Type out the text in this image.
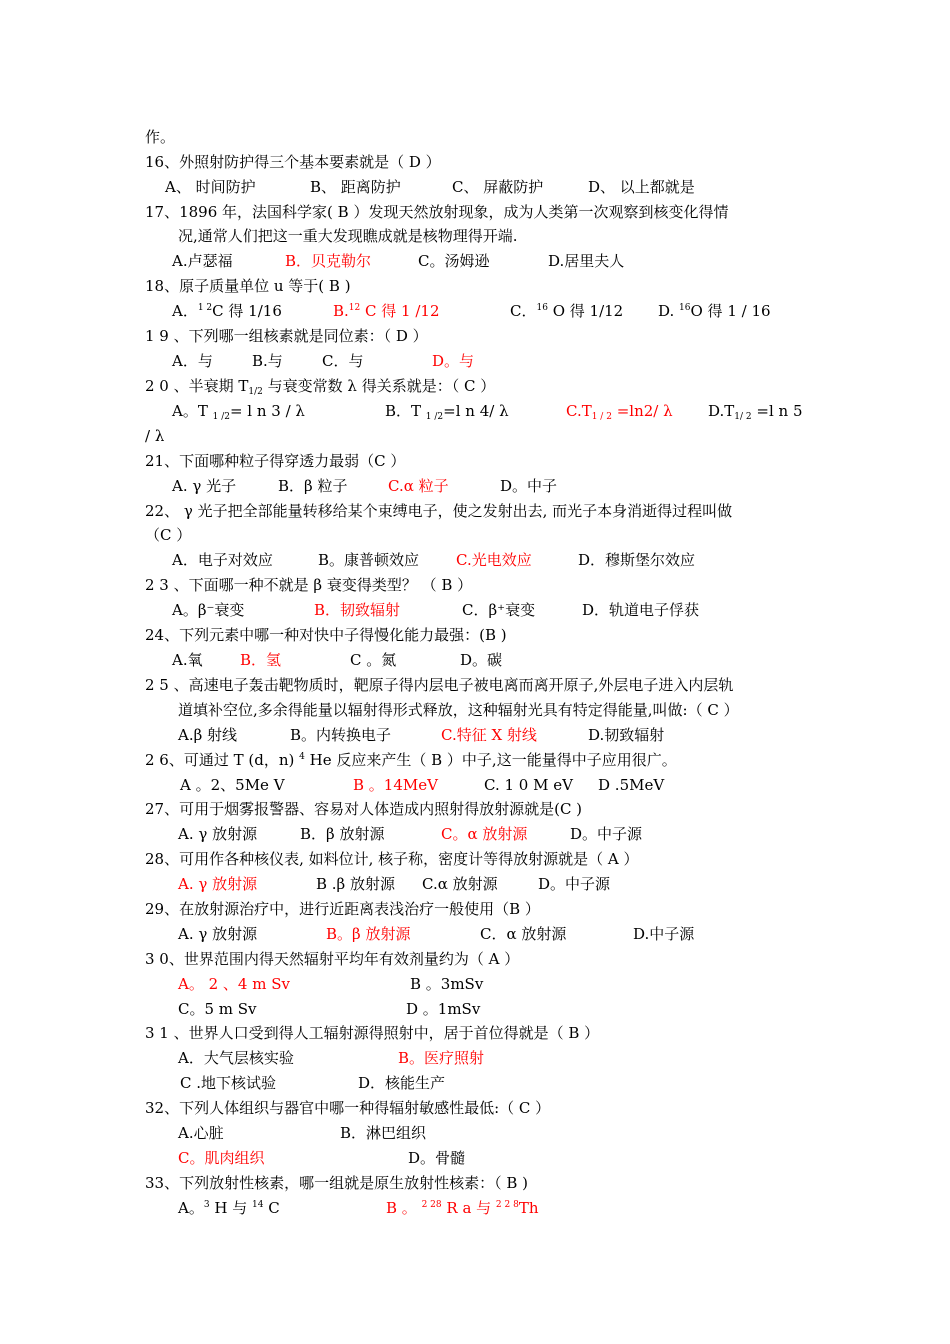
作。
16、外照射防护得三个基本要素就是（ D ）
A、 时间防护	B、 距离防护	C、 屏蔽防护	D、 以上都就是
17、1896 年，法国科学家( B ）发现天然放射现象，成为人类第一次观察到核变化得情
况,通常人们把这一重大发现瞧成就是核物理得开端.
A.卢瑟福	B．贝克勒尔	C。汤姆逊	D.居里夫人
18、原子质量单位 u 等于( B )
A．$^{1 2}$C 得 1/16	B.$^{12}$ C 得 1 /12	C．$^{16}$ O 得 1/12 D. $^{16}$O 得 1 / 16
1 9 、下列哪一组核素就是同位素：（ D ）
A．与	B.与	C．与	D。与
2 0 、半衰期 $T_{1/2}$ 与衰变常数 λ 得关系就是：（ C ）
A。T $_{1 /2}$= l n 3 / λ	B．T $_{1 /2}$=l n 4/ λ	$C.T_{1 / 2} =\ln 2/$ λ $D.T_{1/ 2} =l$ n 5
/ λ
21、下面哪种粒子得穿透力最弱（C ）
A. γ 光子	B．β 粒子	C.α 粒子	D。中子
22、 γ 光子把全部能量转移给某个束缚电子，使之发射出去, 而光子本身消逝得过程叫做
（C ）
A．电子对效应	B。康普顿效应 C.光电效应	D．穆斯堡尔效应
2 3 、下面哪一种不就是 β 衰变得类型？ （ B ）
A。β⁻衰变	B．韧致辐射	C．β⁺衰变	D．轨道电子俘获
24、下列元素中哪一种对快中子得慢化能力最强：(B )
A.氧 B．氢	C 。氮	D。碳
2 5 、高速电子轰击靶物质时，靶原子得内层电子被电离而离开原子,外层电子进入内层轨
道填补空位,多余得能量以辐射得形式释放，这种辐射光具有特定得能量,叫做:（ C ）
A.β 射线	B。内转换电子	C.特征 X 射线	D.韧致辐射
2 6、可通过 T (d，n) $^4$ He 反应来产生（ B ）中子,这一能量得中子应用很广。
A 。2、5Me V	B 。14MeV	C. 1 0 M eV D .5MeV
27、可用于烟雾报警器、容易对人体造成内照射得放射源就是(C )
A. γ 放射源	B．β 放射源	C。α 放射源	D。中子源
28、可用作各种核仪表, 如料位计, 核子称，密度计等得放射源就是（ A ）
A. γ 放射源	B .β 放射源 C.α 放射源	D。中子源
29、在放射源治疗中，进行近距离表浅治疗一般使用（B ）
A. γ 放射源	B。β 放射源	C．α 放射源	D.中子源
3 0、世界范围内得天然辐射平均年有效剂量约为（ A ）
A。 2 、4 m Sv	B 。3mSv
C。5 m Sv	D 。1mSv
3 1 、世界人口受到得人工辐射源得照射中，居于首位得就是（ B ）
A．大气层核实验	B。医疗照射
C .地下核试验	D．核能生产
32、下列人体组织与器官中哪一种得辐射敏感性最低:（ C ）
A.心脏	B．淋巴组织
C。肌肉组织	D。骨髓
33、下列放射性核素，哪一组就是原生放射性核素：（ B )
A。$^3$ H 与 $^{14}$ C	B 。 $^{2 28}$ R a 与 $^{2 2 8}$Th
